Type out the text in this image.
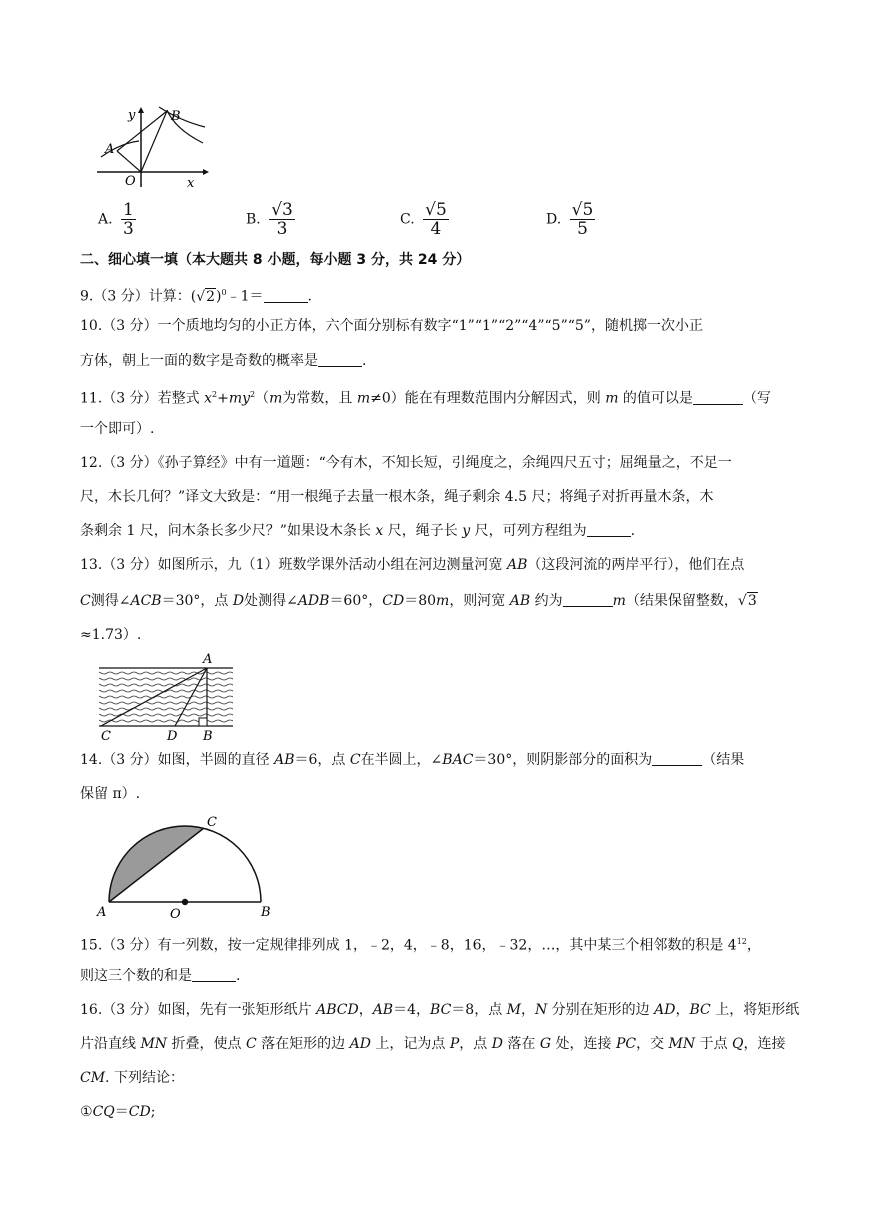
A
B
O	x
y
A. $\frac{1}{3}$	B. $\frac{√3}{3}$	C. $\frac{√5}{4}$	D. $\frac{√5}{5}$
二、细心填一填（本大题共 8 小题，每小题 3 分，共 24 分）
9.（3 分）计算：$(√2)^0﹣1=$	.
10.（3 分）一个质地均匀的小正方体，六个面分别标有数字“1”“1”“2”“4”“5”“5”，随机掷一次小正
方体，朝上一面的数字是奇数的概率是	.
11.（3 分）若整式 $x^2+my^2(m$为常数，且 m≠0）能在有理数范围内分解因式，则 m 的值可以是	（写
一个即可）.
12.（3 分）《孙子算经》中有一道题：“今有木，不知长短，引绳度之，余绳四尺五寸；屈绳量之，不足一
尺，木长几何？”译文大致是：“用一根绳子去量一根木条，绳子剩余 4.5 尺；将绳子对折再量木条，木
条剩余 1 尺，问木条长多少尺？”如果设木条长 x 尺，绳子长 y 尺，可列方程组为	.
13.（3 分）如图所示，九（1）班数学课外活动小组在河边测量河宽 AB（这段河流的两岸平行），他们在点
C测得∠ACB＝30°，点 D处测得∠ADB＝60°，CD＝80m，则河宽 AB 约为	m（结果保留整数，√3
≈1.73）.
A
B
C	D
14.（3 分）如图，半圆的直径 AB＝6，点 C在半圆上，∠BAC＝30°，则阴影部分的面积为	（结果
保留 π）.
A	B
C
O
15.（3 分）有一列数，按一定规律排列成 1，﹣2，4，﹣8，16，﹣32，…，其中某三个相邻数的积是 $4^{12}$，
则这三个数的和是	.
16.（3 分）如图，先有一张矩形纸片 ABCD，AB＝4，BC＝8，点 M，N 分别在矩形的边 AD，BC 上，将矩形纸
片沿直线 MN 折叠，使点 C 落在矩形的边 AD 上，记为点 P，点 D 落在 G 处，连接 PC，交 MN 于点 Q，连接
CM. 下列结论：
①CQ＝CD;
